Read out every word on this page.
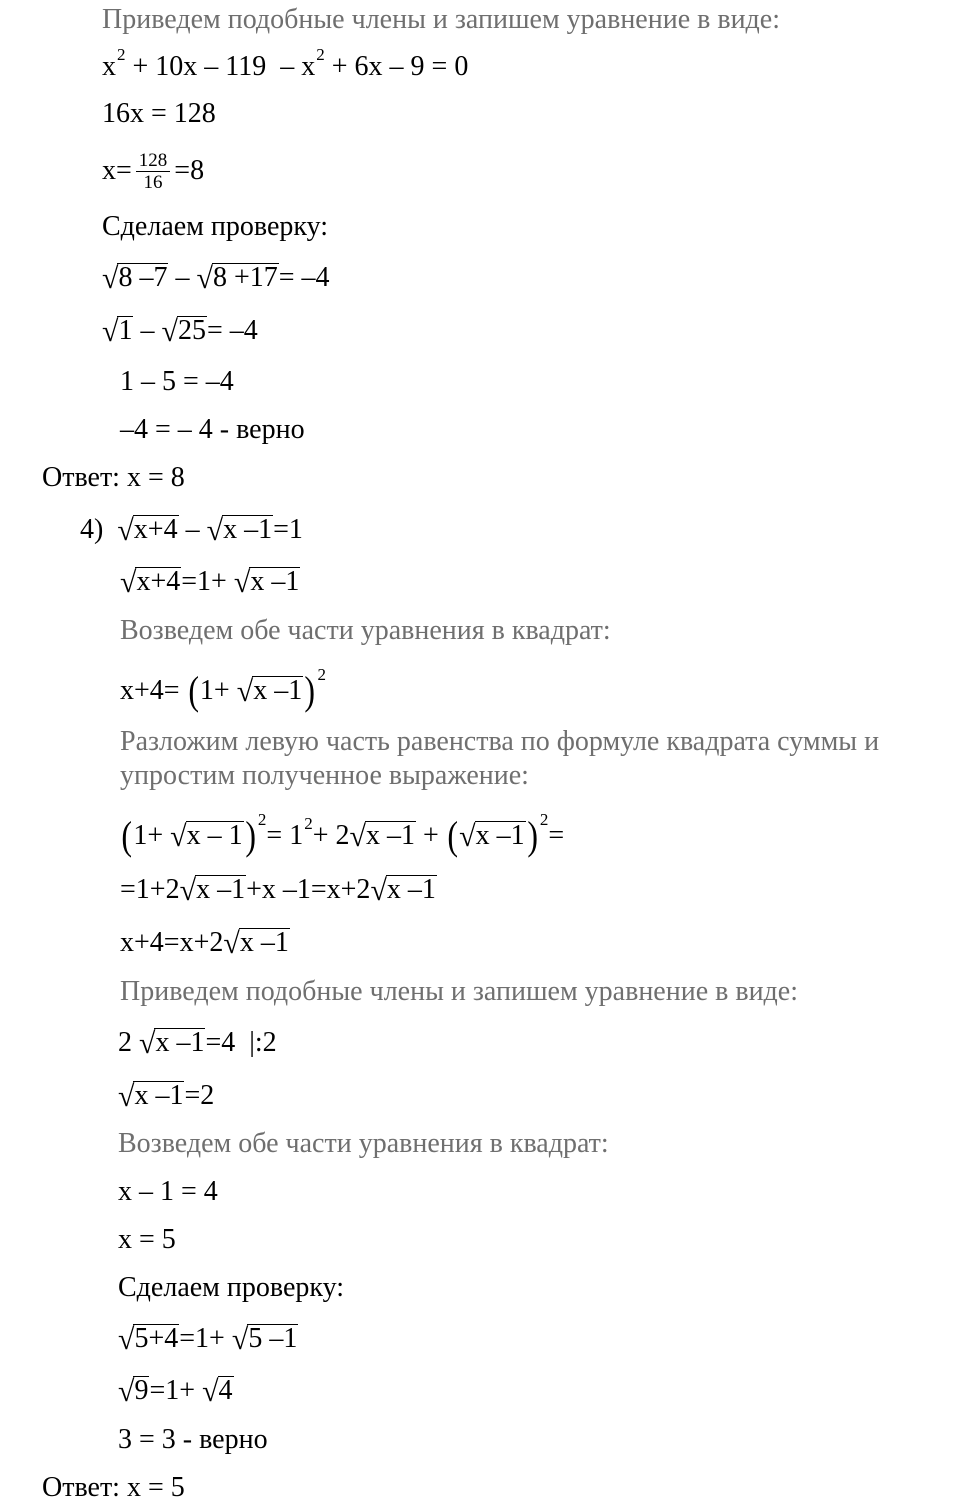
Приведем подобные члены и запишем уравнение в виде:
x 2 + 10x – 119  – x 2 + 6x – 9 = 0
16x = 128
$x= \frac{128}{16} =8$
Сделаем проверку:
√ 8 –7 – √ 8 +17 = –4
√ 1 – √ 25 = –4
1 – 5 = –4
–4 = – 4 - верно
Ответ: x = 8
4) √ x+4 – √ x –1 =1
√ x+4 =1+ √ x –1
Возведем обе части уравнения в квадрат:
x+4= ( 1+ √ x –1 ) 2
Разложим левую часть равенства по формуле квадрата суммы и
упростим полученное выражение:
( 1+ √ x – 1 ) 2
= 1 2 + 2 √ x –1 + ( √ x –1 ) 2
=
=1+2 √ x –1 +x –1=x+2 √ x –1
x+4=x+2 √ x –1
Приведем подобные члены и запишем уравнение в виде:
2 √ x –1 =4  |:2
√ x –1 =2
Возведем обе части уравнения в квадрат:
x – 1 = 4
x = 5
Сделаем проверку:
√ 5+4 =1+ √ 5 –1
√ 9 =1+ √ 4
3 = 3 - верно
Ответ: x = 5
